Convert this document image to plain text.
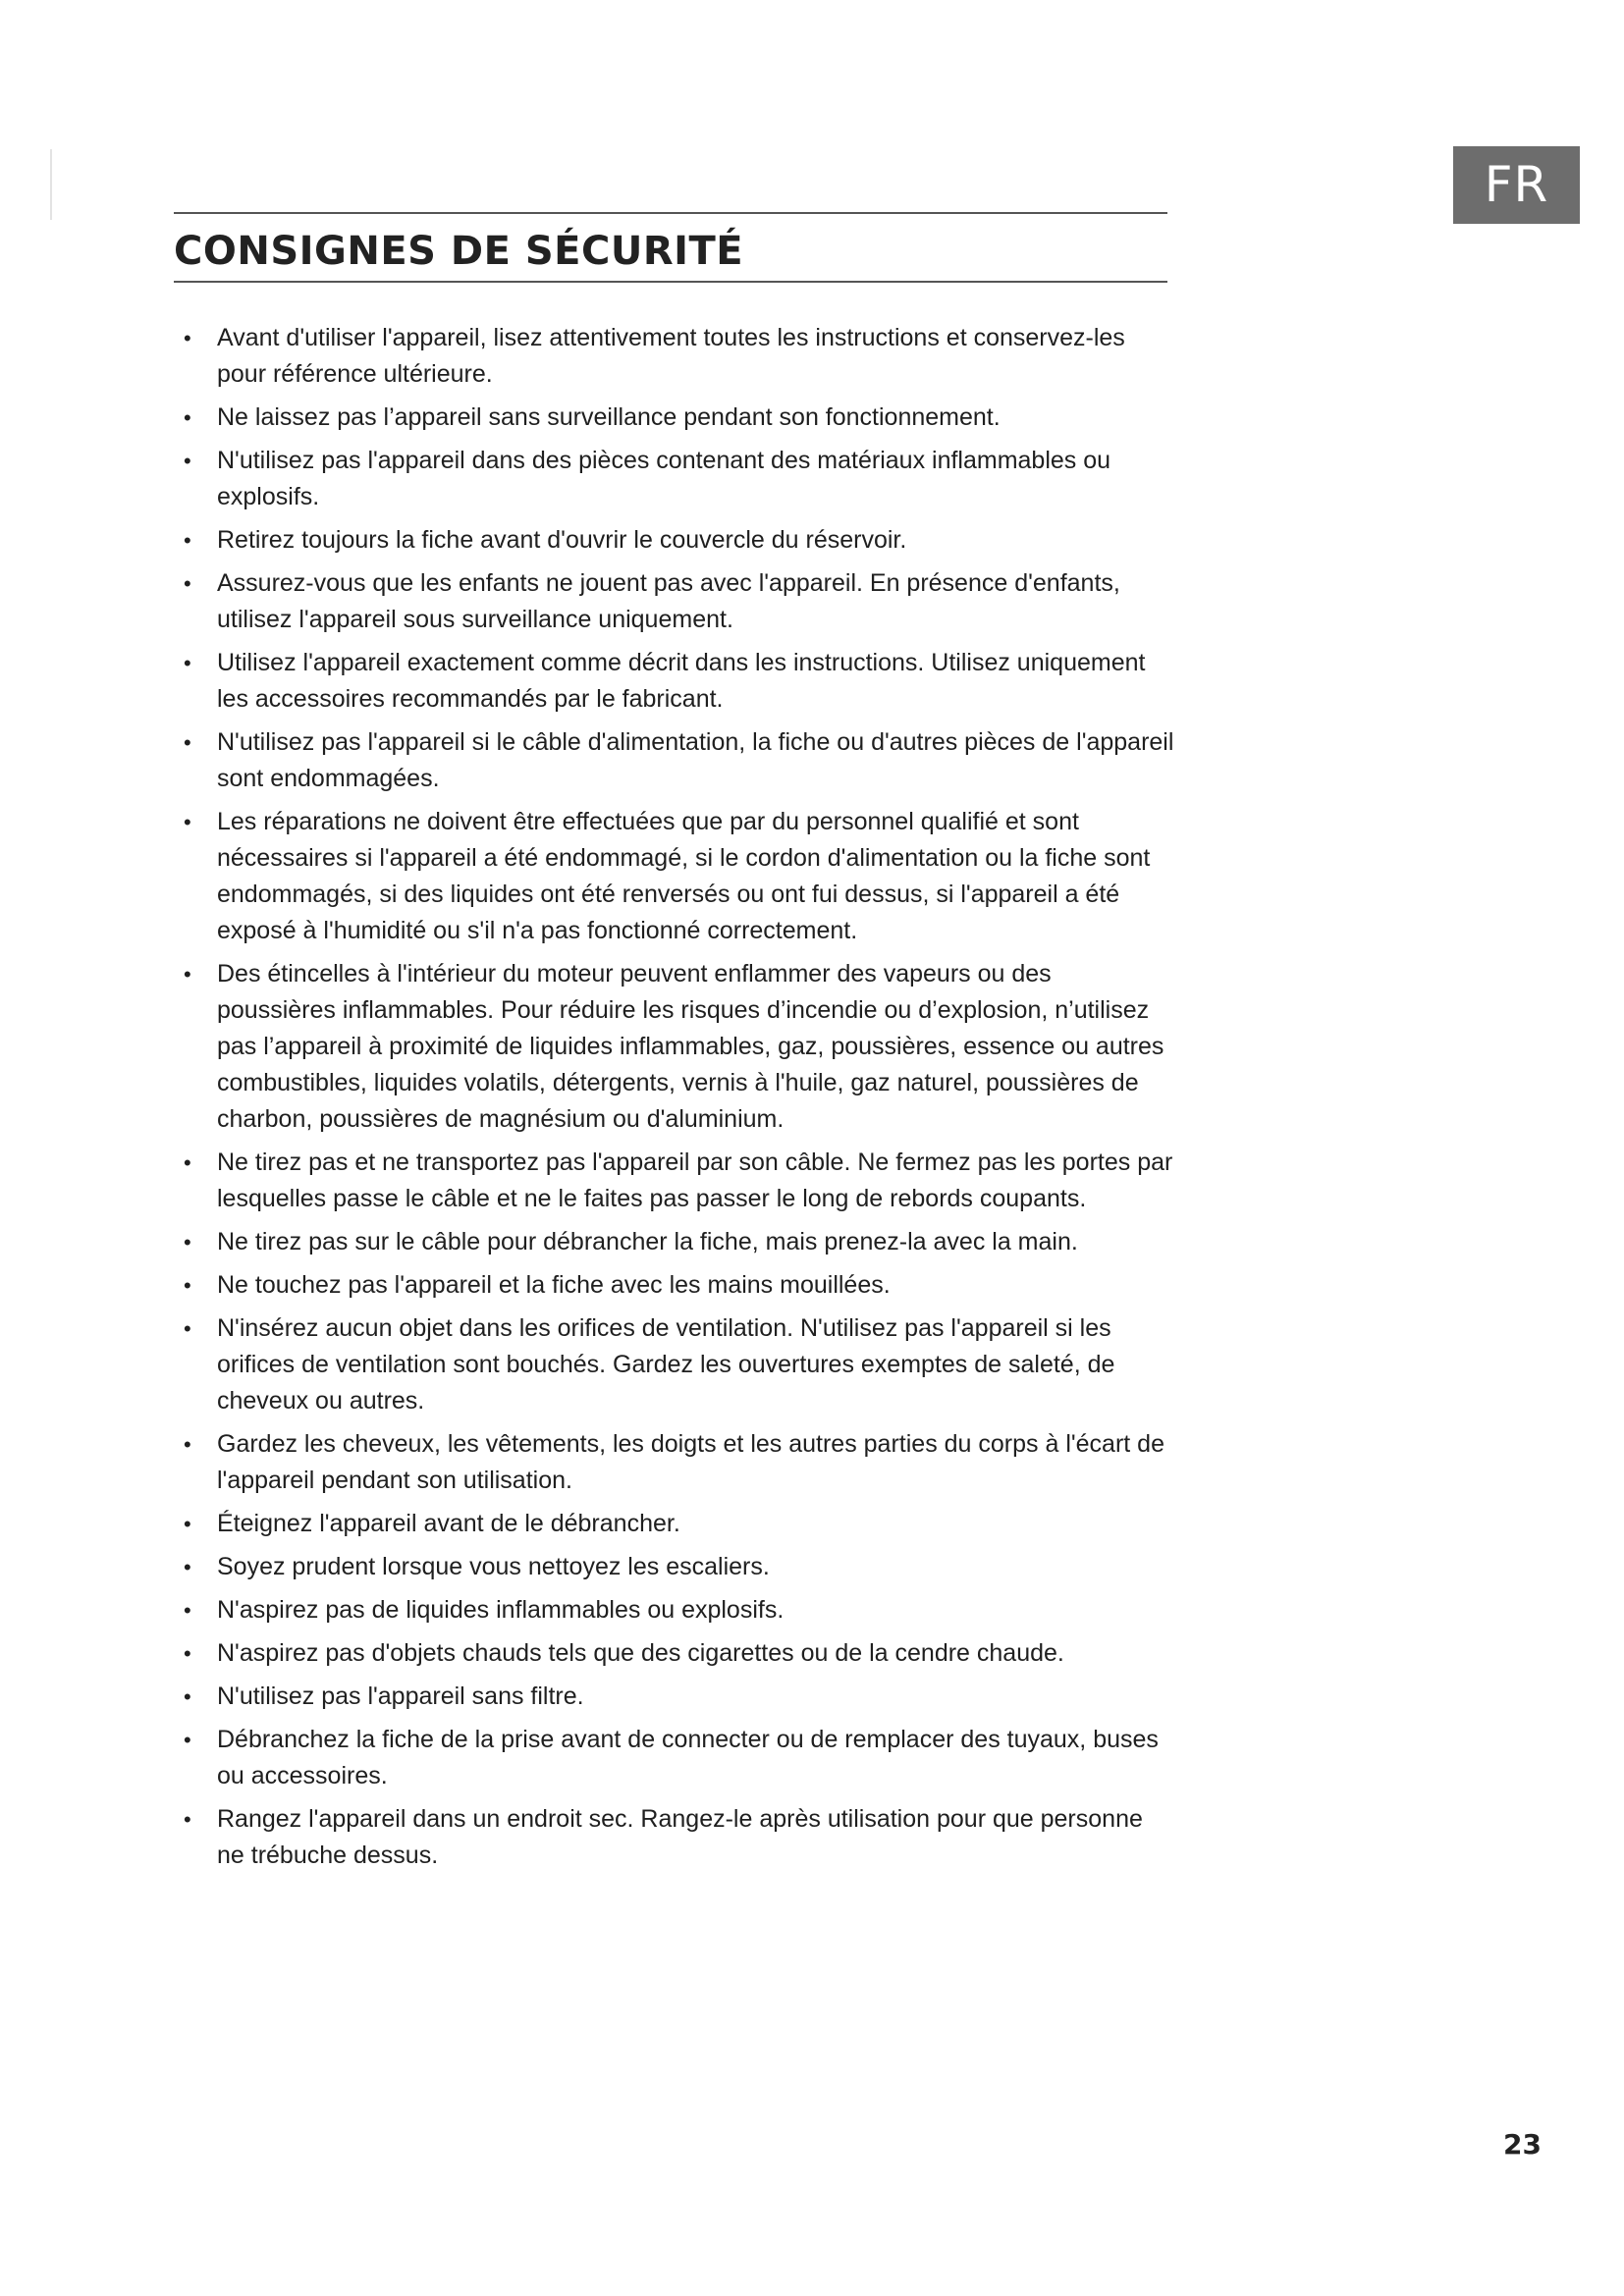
FR
CONSIGNES DE SÉCURITÉ
• Avant d'utiliser l'appareil, lisez attentivement toutes les instructions et conservez-les pour référence ultérieure.
• Ne laissez pas l’appareil sans surveillance pendant son fonctionnement.
• N'utilisez pas l'appareil dans des pièces contenant des matériaux inflammables ou explosifs.
• Retirez toujours la fiche avant d'ouvrir le couvercle du réservoir.
• Assurez-vous que les enfants ne jouent pas avec l'appareil. En présence d'enfants, utilisez l'appareil sous surveillance uniquement.
• Utilisez l'appareil exactement comme décrit dans les instructions. Utilisez uniquement les accessoires recommandés par le fabricant.
• N'utilisez pas l'appareil si le câble d'alimentation, la fiche ou d'autres pièces de l'appareil sont endommagées.
• Les réparations ne doivent être effectuées que par du personnel qualifié et sont nécessaires si l'appareil a été endommagé, si le cordon d'alimentation ou la fiche sont endommagés, si des liquides ont été renversés ou ont fui dessus, si l'appareil a été exposé à l'humidité ou s'il n'a pas fonctionné correctement.
• Des étincelles à l'intérieur du moteur peuvent enflammer des vapeurs ou des poussières inflammables. Pour réduire les risques d’incendie ou d’explosion, n’utilisez pas l’appareil à proximité de liquides inflammables, gaz, poussières, essence ou autres combustibles, liquides volatils, détergents, vernis à l'huile, gaz naturel, poussières de charbon, poussières de magnésium ou d'aluminium.
• Ne tirez pas et ne transportez pas l'appareil par son câble. Ne fermez pas les portes par lesquelles passe le câble et ne le faites pas passer le long de rebords coupants.
• Ne tirez pas sur le câble pour débrancher la fiche, mais prenez-la avec la main.
• Ne touchez pas l'appareil et la fiche avec les mains mouillées.
• N'insérez aucun objet dans les orifices de ventilation. N'utilisez pas l'appareil si les orifices de ventilation sont bouchés. Gardez les ouvertures exemptes de saleté, de cheveux ou autres.
• Gardez les cheveux, les vêtements, les doigts et les autres parties du corps à l'écart de l'appareil pendant son utilisation.
• Éteignez l'appareil avant de le débrancher.
• Soyez prudent lorsque vous nettoyez les escaliers.
• N'aspirez pas de liquides inflammables ou explosifs.
• N'aspirez pas d'objets chauds tels que des cigarettes ou de la cendre chaude.
• N'utilisez pas l'appareil sans filtre.
• Débranchez la fiche de la prise avant de connecter ou de remplacer des tuyaux, buses ou accessoires.
• Rangez l'appareil dans un endroit sec. Rangez-le après utilisation pour que personne ne trébuche dessus.
23
